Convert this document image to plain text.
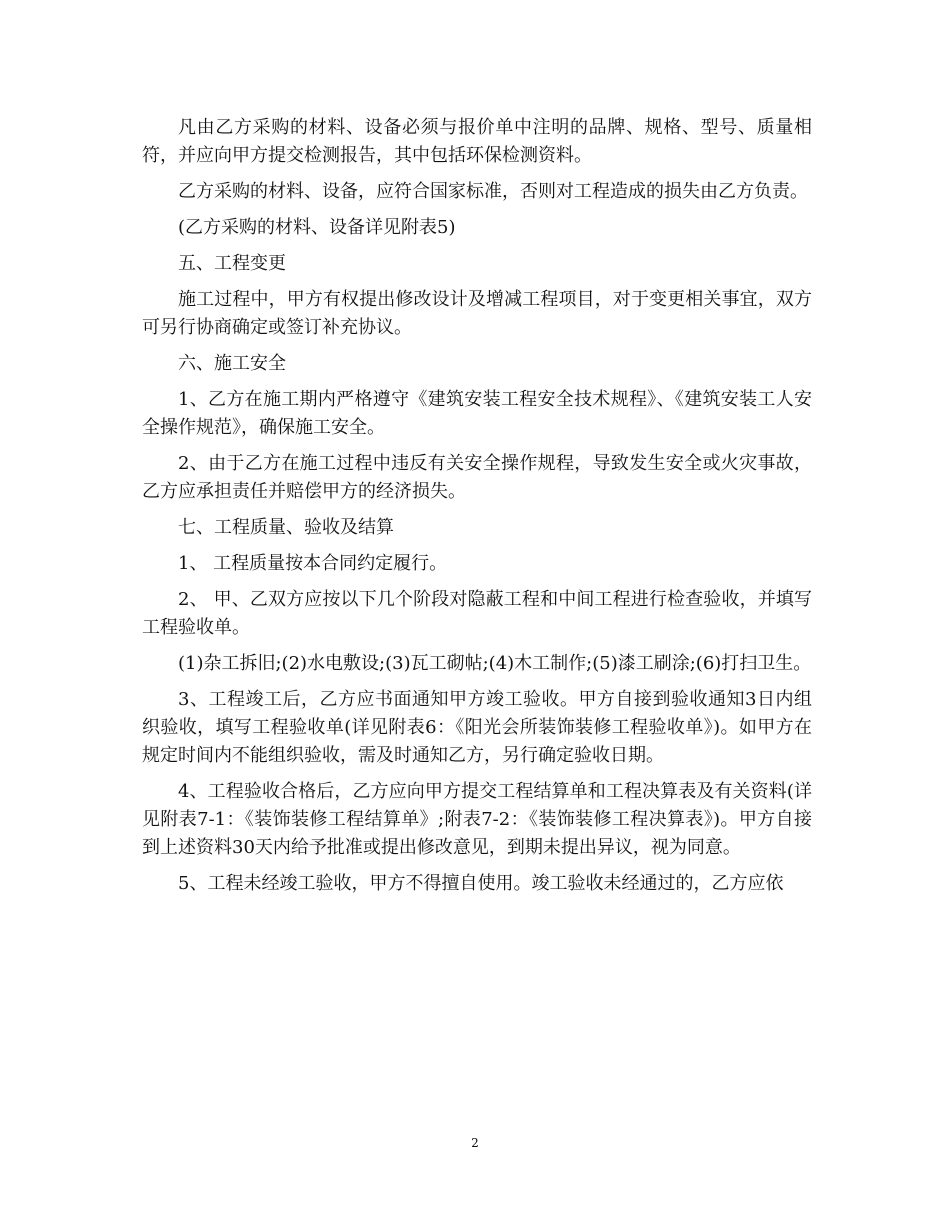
凡由乙方采购的材料、设备必须与报价单中注明的品牌、规格、型号、质量相符，并应向甲方提交检测报告，其中包括环保检测资料。

乙方采购的材料、设备，应符合国家标准，否则对工程造成的损失由乙方负责。

(乙方采购的材料、设备详见附表5)

五、工程变更

施工过程中，甲方有权提出修改设计及增减工程项目，对于变更相关事宜，双方可另行协商确定或签订补充协议。

六、施工安全

1、乙方在施工期内严格遵守《建筑安装工程安全技术规程》、《建筑安装工人安全操作规范》，确保施工安全。

2、由于乙方在施工过程中违反有关安全操作规程，导致发生安全或火灾事故，乙方应承担责任并赔偿甲方的经济损失。

七、工程质量、验收及结算

1、 工程质量按本合同约定履行。

2、 甲、乙双方应按以下几个阶段对隐蔽工程和中间工程进行检查验收，并填写工程验收单。

(1)杂工拆旧;(2)水电敷设;(3)瓦工砌帖;(4)木工制作;(5)漆工刷涂;(6)打扫卫生。

3、工程竣工后，乙方应书面通知甲方竣工验收。甲方自接到验收通知3日内组织验收，填写工程验收单(详见附表6：《阳光会所装饰装修工程验收单》)。如甲方在规定时间内不能组织验收，需及时通知乙方，另行确定验收日期。

4、工程验收合格后，乙方应向甲方提交工程结算单和工程决算表及有关资料(详见附表7-1：《装饰装修工程结算单》;附表7-2：《装饰装修工程决算表》)。甲方自接到上述资料30天内给予批准或提出修改意见，到期未提出异议，视为同意。

5、工程未经竣工验收，甲方不得擅自使用。竣工验收未经通过的，乙方应依

2
